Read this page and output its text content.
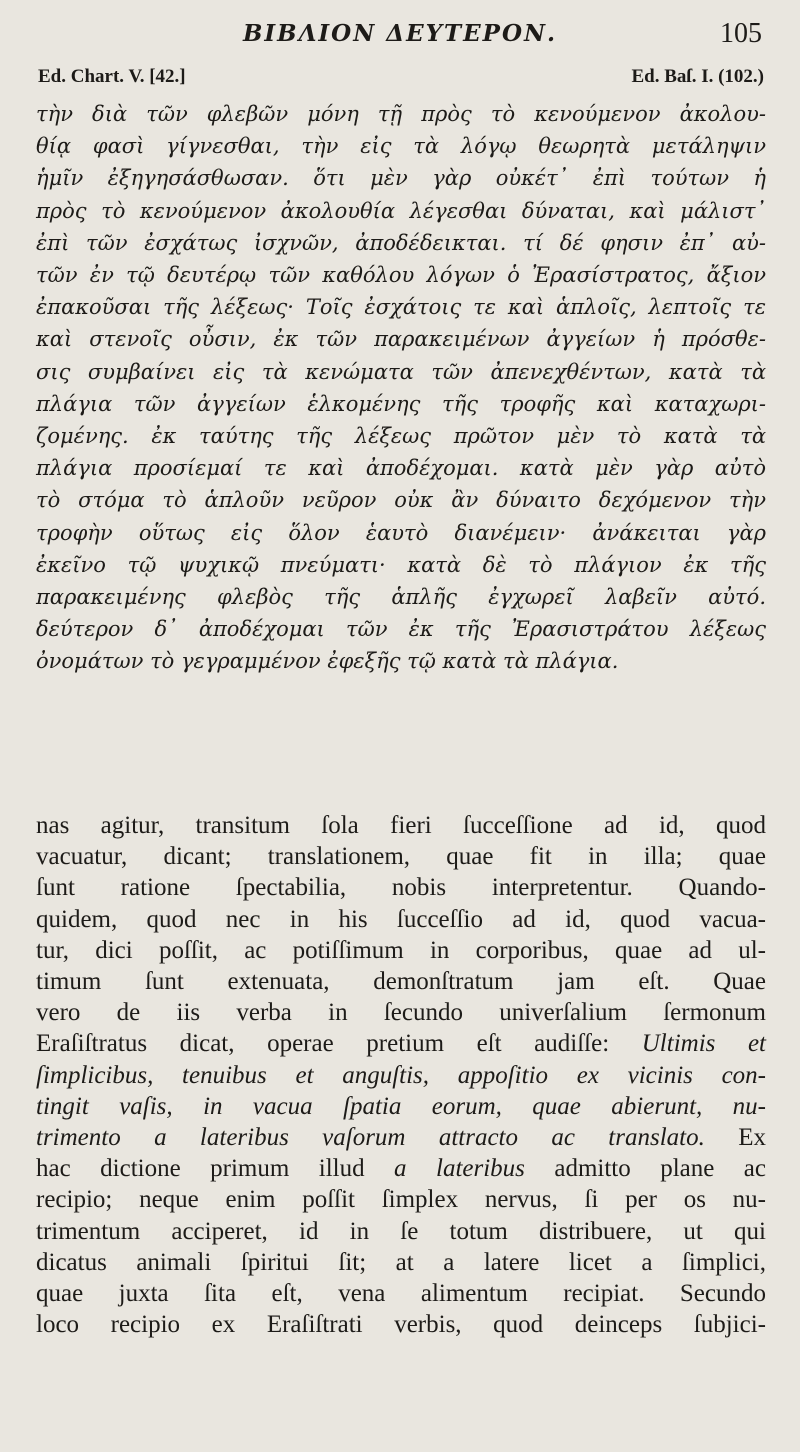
ΒΙΒΛΙΟΝ ΔΕΥΤΕΡΟΝ.	105
Ed. Chart. V. [42.]	Ed. Baſ. I. (102.)
τὴν διὰ τῶν φλεβῶν μόνη τῇ πρὸς τὸ κενούμενον ἀκολου-
θίᾳ φασὶ γίγνεσθαι, τὴν εἰς τὰ λόγῳ θεωρητὰ μετάληψιν
ἡμῖν ἐξηγησάσθωσαν. ὅτι μὲν γὰρ οὐκέτ᾽ ἐπὶ τούτων ἡ
πρὸς τὸ κενούμενον ἀκολουθία λέγεσθαι δύναται, καὶ μάλιστ᾽
ἐπὶ τῶν ἐσχάτως ἰσχνῶν, ἀποδέδεικται. τί δέ φησιν ἐπ᾽ αὐ-
τῶν ἐν τῷ δευτέρῳ τῶν καθόλου λόγων ὁ Ἐρασίστρατος, ἄξιον
ἐπακοῦσαι τῆς λέξεως· Τοῖς ἐσχάτοις τε καὶ ἁπλοῖς, λεπτοῖς τε
καὶ στενοῖς οὖσιν, ἐκ τῶν παρακειμένων ἀγγείων ἡ πρόσθε-
σις συμβαίνει εἰς τὰ κενώματα τῶν ἀπενεχθέντων, κατὰ τὰ
πλάγια τῶν ἀγγείων ἑλκομένης τῆς τροφῆς καὶ καταχωρι-
ζομένης. ἐκ ταύτης τῆς λέξεως πρῶτον μὲν τὸ κατὰ τὰ
πλάγια προσίεμαί τε καὶ ἀποδέχομαι. κατὰ μὲν γὰρ αὐτὸ
τὸ στόμα τὸ ἁπλοῦν νεῦρον οὐκ ἂν δύναιτο δεχόμενον τὴν
τροφὴν οὕτως εἰς ὅλον ἑαυτὸ διανέμειν· ἀνάκειται γὰρ
ἐκεῖνο τῷ ψυχικῷ πνεύματι· κατὰ δὲ τὸ πλάγιον ἐκ τῆς
παρακειμένης φλεβὸς τῆς ἁπλῆς ἐγχωρεῖ λαβεῖν αὐτό.
δεύτερον δ᾽ ἀποδέχομαι τῶν ἐκ τῆς Ἐρασιστράτου λέξεως
ὀνομάτων τὸ γεγραμμένον ἐφεξῆς τῷ κατὰ τὰ πλάγια.
nas agitur, transitum ſola fieri ſucceſſione ad id, quod
vacuatur, dicant; translationem, quae fit in illa; quae
ſunt ratione ſpectabilia, nobis interpretentur. Quando-
quidem, quod nec in his ſucceſſio ad id, quod vacua-
tur, dici poſſit, ac potiſſimum in corporibus, quae ad ul-
timum ſunt extenuata, demonſtratum jam eſt. Quae
vero de iis verba in ſecundo univerſalium ſermonum
Eraſiſtratus dicat, operae pretium eſt audiſſe: Ultimis et
ſimplicibus, tenuibus et anguſtis, appoſitio ex vicinis con-
tingit vaſis, in vacua ſpatia eorum, quae abierunt, nu-
trimento a lateribus vaſorum attracto ac translato. Ex
hac dictione primum illud a lateribus admitto plane ac
recipio; neque enim poſſit ſimplex nervus, ſi per os nu-
trimentum acciperet, id in ſe totum distribuere, ut qui
dicatus animali ſpiritui ſit; at a latere licet a ſimplici,
quae juxta ſita eſt, vena alimentum recipiat. Secundo
loco recipio ex Eraſiſtrati verbis, quod deinceps ſubjici-
